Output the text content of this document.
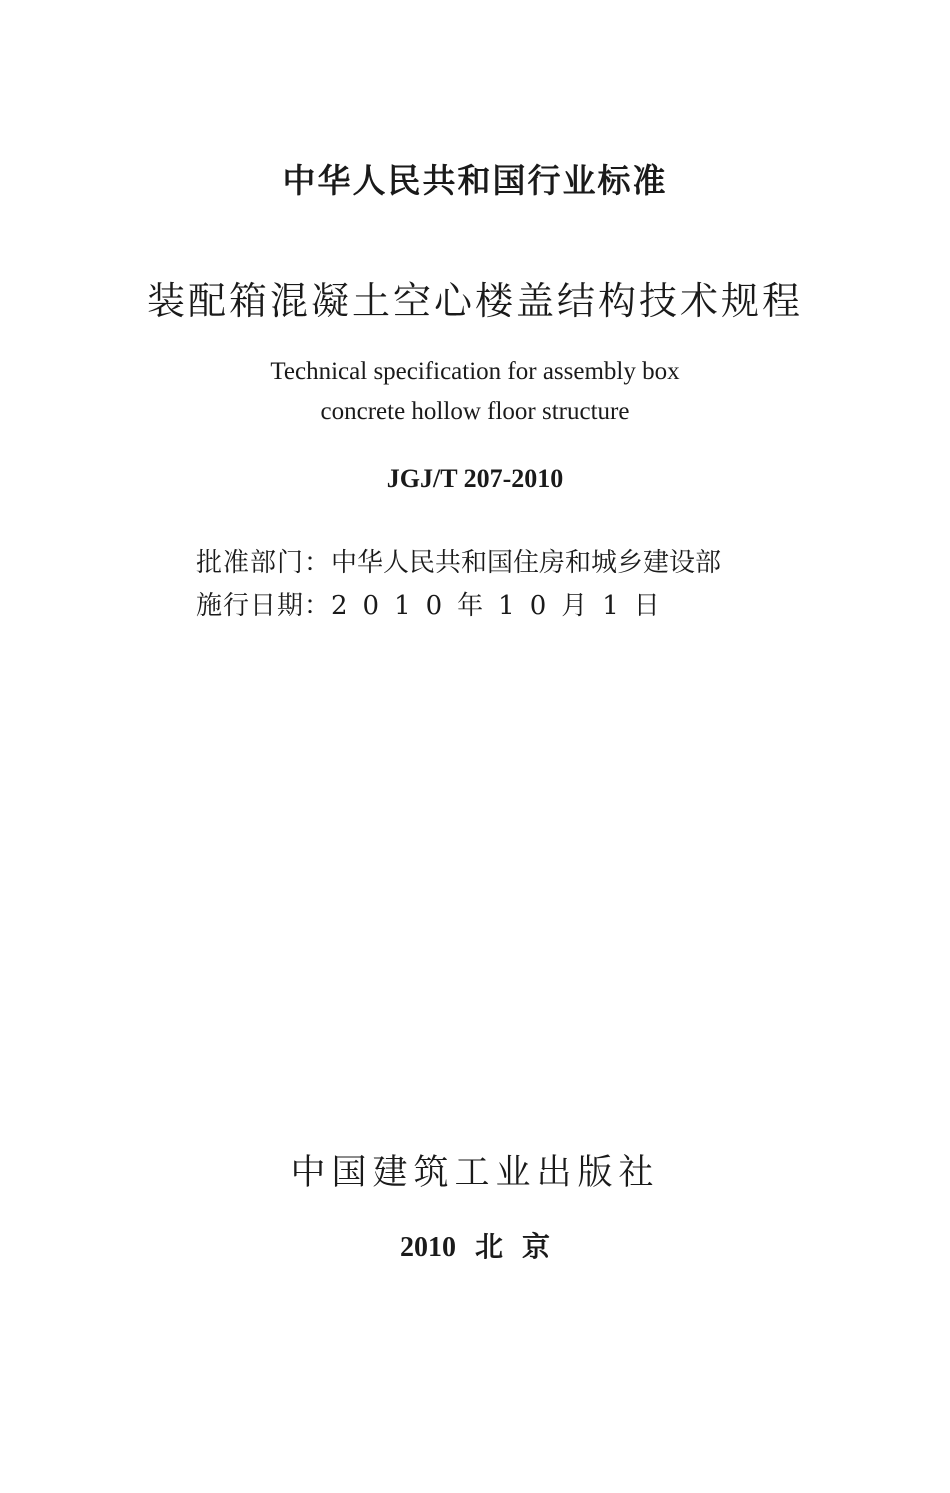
中华人民共和国行业标准
装配箱混凝土空心楼盖结构技术规程
Technical specification for assembly box
concrete hollow floor structure
JGJ/T 207-2010
批准部门：中华人民共和国住房和城乡建设部
施行日期：2010年10月1日
中国建筑工业出版社
2010 北 京
